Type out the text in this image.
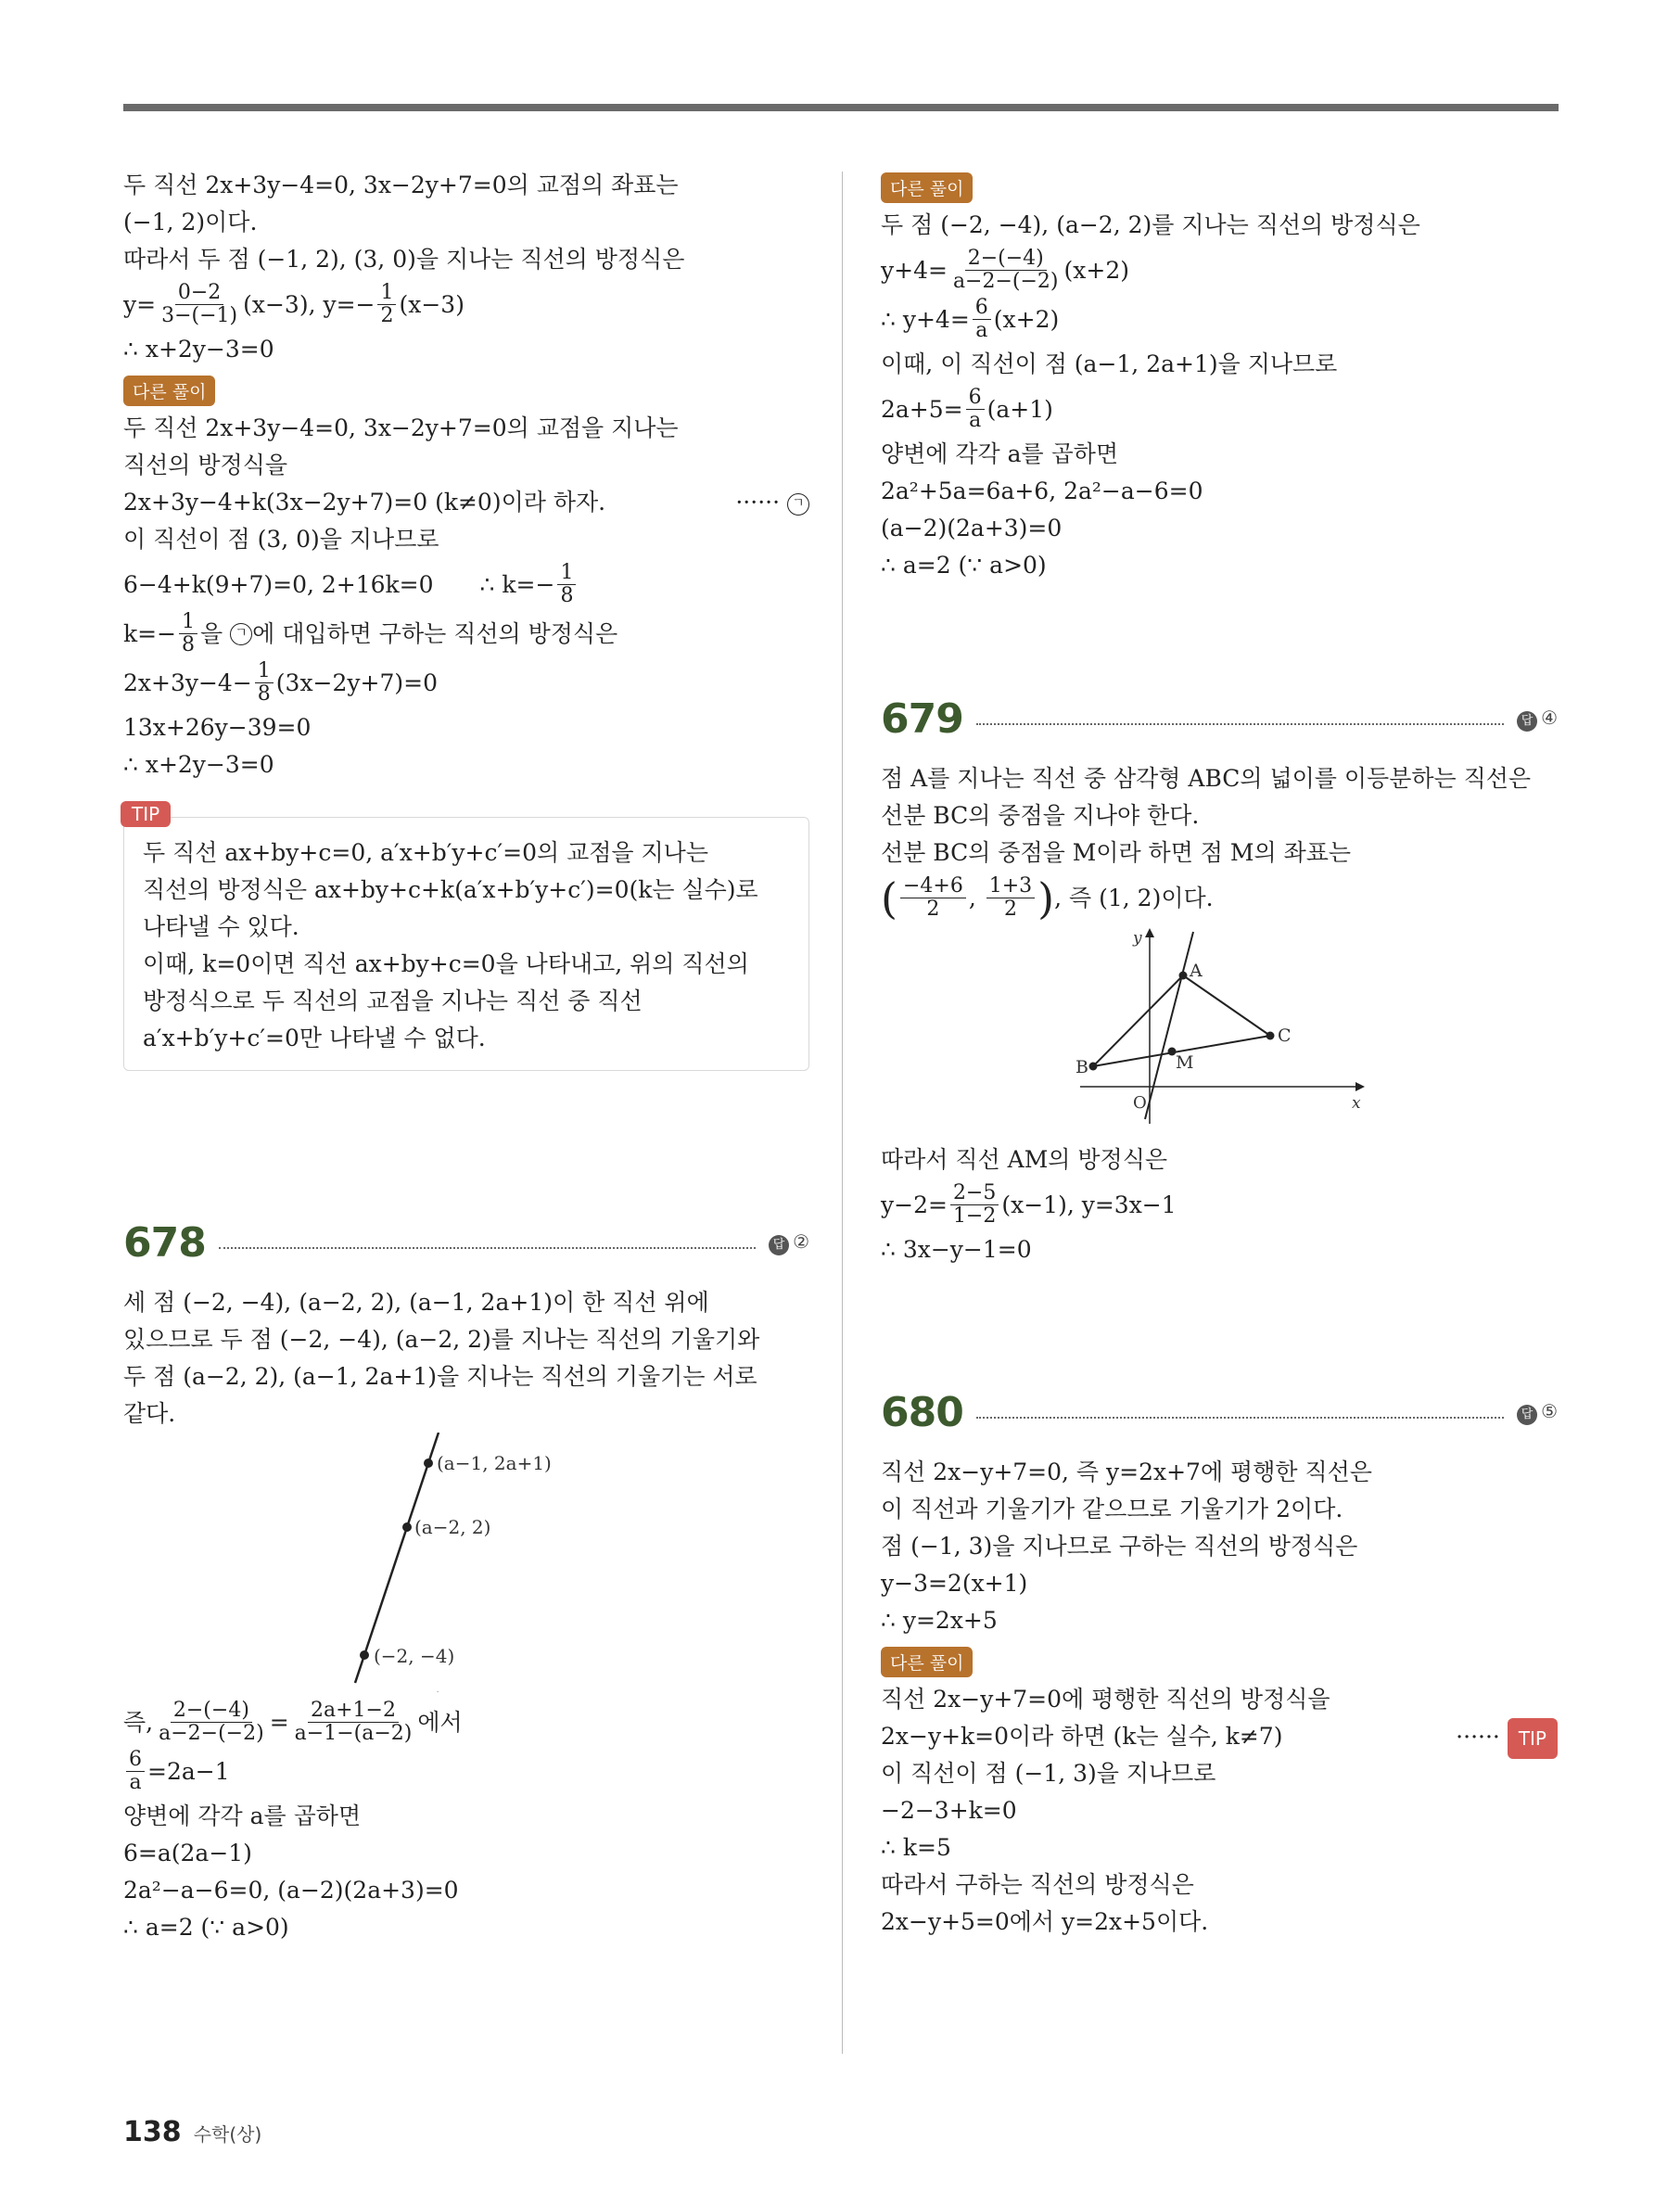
두 직선 2x+3y−4=0, 3x−2y+7=0의 교점의 좌표는
(−1, 2)이다.
따라서 두 점 (−1, 2), (3, 0)을 지나는 직선의 방정식은
$y= \frac{0-2}{3-(-1)} (x-3)$, $y=- \frac{1}{2} (x-3)$
∴ x+2y−3=0
다른 풀이
두 직선 2x+3y−4=0, 3x−2y+7=0의 교점을 지나는
직선의 방정식을
2x+3y−4+k(3x−2y+7)=0 (k≠0)이라 하자.	······ ㄱ
이 직선이 점 (3, 0)을 지나므로
6−4+k(9+7)=0, 2+16k=0 ∴ $k=- \frac{1}{8}$
$k=- \frac{1}{8}$ 을
ㄱ 에 대입하면 구하는 직선의 방정식은
$2x+3y-4- \frac{1}{8} (3x-2y+7)=0$
13x+26y−39=0
∴ x+2y−3=0
TIP
두 직선 ax+by+c=0, a′x+b′y+c′=0의 교점을 지나는
직선의 방정식은 ax+by+c+k(a′x+b′y+c′)=0(k는 실수)로
나타낼 수 있다.
이때, k=0이면 직선 ax+by+c=0을 나타내고, 위의 직선의
방정식으로 두 직선의 교점을 지나는 직선 중 직선
a′x+b′y+c′=0만 나타낼 수 없다.
678	답 ②
세 점 (−2, −4), (a−2, 2), (a−1, 2a+1)이 한 직선 위에
있으므로 두 점 (−2, −4), (a−2, 2)를 지나는 직선의 기울기와
두 점 (a−2, 2), (a−1, 2a+1)을 지나는 직선의 기울기는 서로
같다.
(a−1, 2a+1)
(a−2, 2)
(−2, −4)
즉, $\frac{2-(-4)}{a-2-(-2)} = \frac{2a+1-2}{a-1-(a-2)}$ 에서
$\frac{6}{a} =2a-1$
양변에 각각 a를 곱하면
6=a(2a−1)
2a²−a−6=0, (a−2)(2a+3)=0
∴ a=2 (∵ a>0)
다른 풀이
두 점 (−2, −4), (a−2, 2)를 지나는 직선의 방정식은
$y+4= \frac{2-(-4)}{a-2-(-2)} (x+2)$
∴ $y+4= \frac{6}{a} (x+2)$
이때, 이 직선이 점 (a−1, 2a+1)을 지나므로
$2a+5= \frac{6}{a} (a+1)$
양변에 각각 a를 곱하면
2a²+5a=6a+6, 2a²−a−6=0
(a−2)(2a+3)=0
∴ a=2 (∵ a>0)
679	답 ④
점 A를 지나는 직선 중 삼각형 ABC의 넓이를 이등분하는 직선은
선분 BC의 중점을 지나야 한다.
선분 BC의 중점을 M이라 하면 점 M의 좌표는
( $\frac{-4+6}{2}$ , $\frac{1+3}{2}$ ) , 즉 (1, 2)이다.
y
x
O
A
B
C
M
따라서 직선 AM의 방정식은
$y-2= \frac{2-5}{1-2} (x-1)$, y=3x−1
∴ 3x−y−1=0
680	답 ⑤
직선 2x−y+7=0, 즉 y=2x+7에 평행한 직선은
이 직선과 기울기가 같으므로 기울기가 2이다.
점 (−1, 3)을 지나므로 구하는 직선의 방정식은
y−3=2(x+1)
∴ y=2x+5
다른 풀이
직선 2x−y+7=0에 평행한 직선의 방정식을
2x−y+k=0이라 하면 (k는 실수, k≠7)	······ TIP
이 직선이 점 (−1, 3)을 지나므로
−2−3+k=0
∴ k=5
따라서 구하는 직선의 방정식은
2x−y+5=0에서 y=2x+5이다.
138 수학(상)
